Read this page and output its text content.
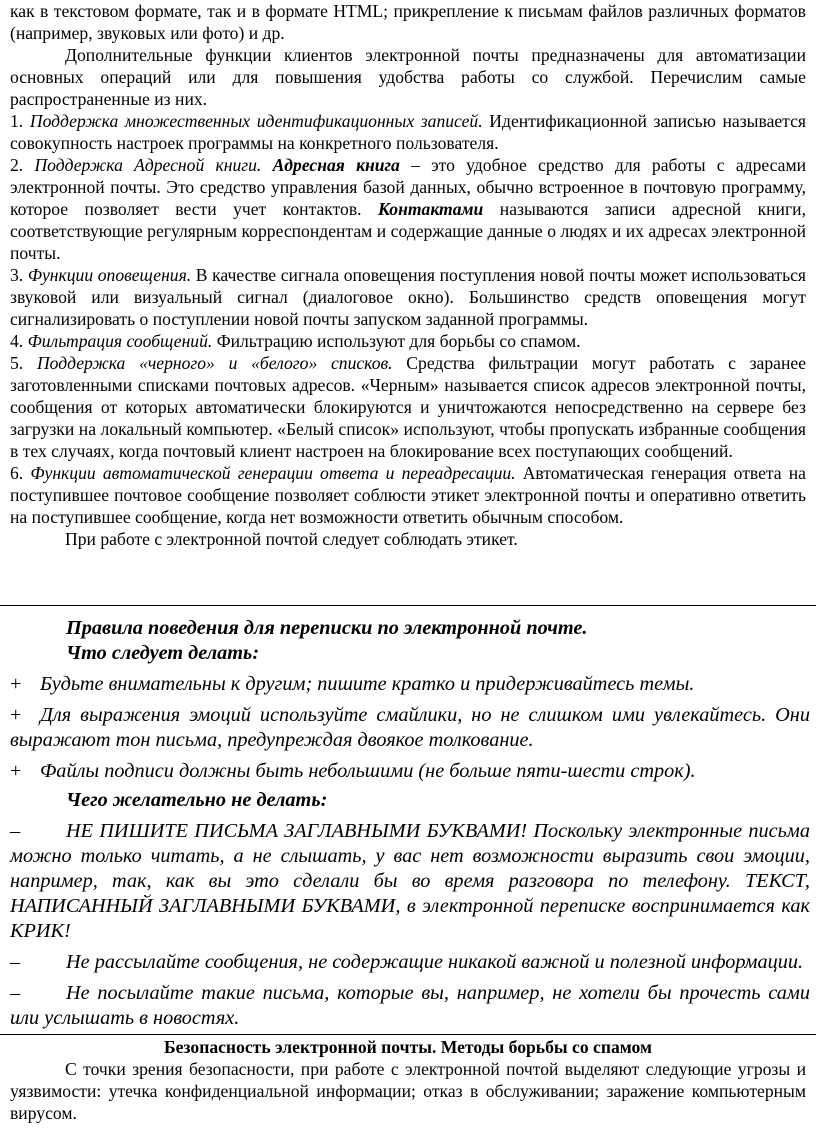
как в текстовом формате, так и в формате HTML; прикрепление к письмам файлов различных форматов (например, звуковых или фото) и др.

Дополнительные функции клиентов электронной почты предназначены для автоматизации основных операций или для повышения удобства работы со службой. Перечислим самые распространенные из них.

1. Поддержка множественных идентификационных записей. Идентификационной записью называется совокупность настроек программы на конкретного пользователя.

2. Поддержка Адресной книги. Адресная книга – это удобное средство для работы с адресами электронной почты. Это средство управления базой данных, обычно встроенное в почтовую программу, которое позволяет вести учет контактов. Контактами называются записи адресной книги, соответствующие регулярным корреспондентам и содержащие данные о людях и их адресах электронной почты.

3. Функции оповещения. В качестве сигнала оповещения поступления новой почты может использоваться звуковой или визуальный сигнал (диалоговое окно). Большинство средств оповещения могут сигнализировать о поступлении новой почты запуском заданной программы.

4. Фильтрация сообщений. Фильтрацию используют для борьбы со спамом.

5. Поддержка «черного» и «белого» списков. Средства фильтрации могут работать с заранее заготовленными списками почтовых адресов. «Черным» называется список адресов электронной почты, сообщения от которых автоматически блокируются и уничтожаются непосредственно на сервере без загрузки на локальный компьютер. «Белый список» используют, чтобы пропускать избранные сообщения в тех случаях, когда почтовый клиент настроен на блокирование всех поступающих сообщений.

6. Функции автоматической генерации ответа и переадресации. Автоматическая генерация ответа на поступившее почтовое сообщение позволяет соблюсти этикет электронной почты и оперативно ответить на поступившее сообщение, когда нет возможности ответить обычным способом.

При работе с электронной почтой следует соблюдать этикет.

Правила поведения для переписки по электронной почте.

Что следует делать:

+ Будьте внимательны к другим; пишите кратко и придерживайтесь темы.

+ Для выражения эмоций используйте смайлики, но не слишком ими увлекайтесь. Они выражают тон письма, предупреждая двоякое толкование.

+ Файлы подписи должны быть небольшими (не больше пяти-шести строк).

Чего желательно не делать:

– НЕ ПИШИТЕ ПИСЬМА ЗАГЛАВНЫМИ БУКВАМИ! Поскольку электронные письма можно только читать, а не слышать, у вас нет возможности выразить свои эмоции, например, так, как вы это сделали бы во время разговора по телефону. ТЕКСТ, НАПИСАННЫЙ ЗАГЛАВНЫМИ БУКВАМИ, в электронной переписке воспринимается как КРИК!

– Не рассылайте сообщения, не содержащие никакой важной и полезной информации.

– Не посылайте такие письма, которые вы, например, не хотели бы прочесть сами или услышать в новостях.

Безопасность электронной почты. Методы борьбы со спамом

С точки зрения безопасности, при работе с электронной почтой выделяют следующие угрозы и уязвимости: утечка конфиденциальной информации; отказ в обслуживании; заражение компьютерным вирусом.
